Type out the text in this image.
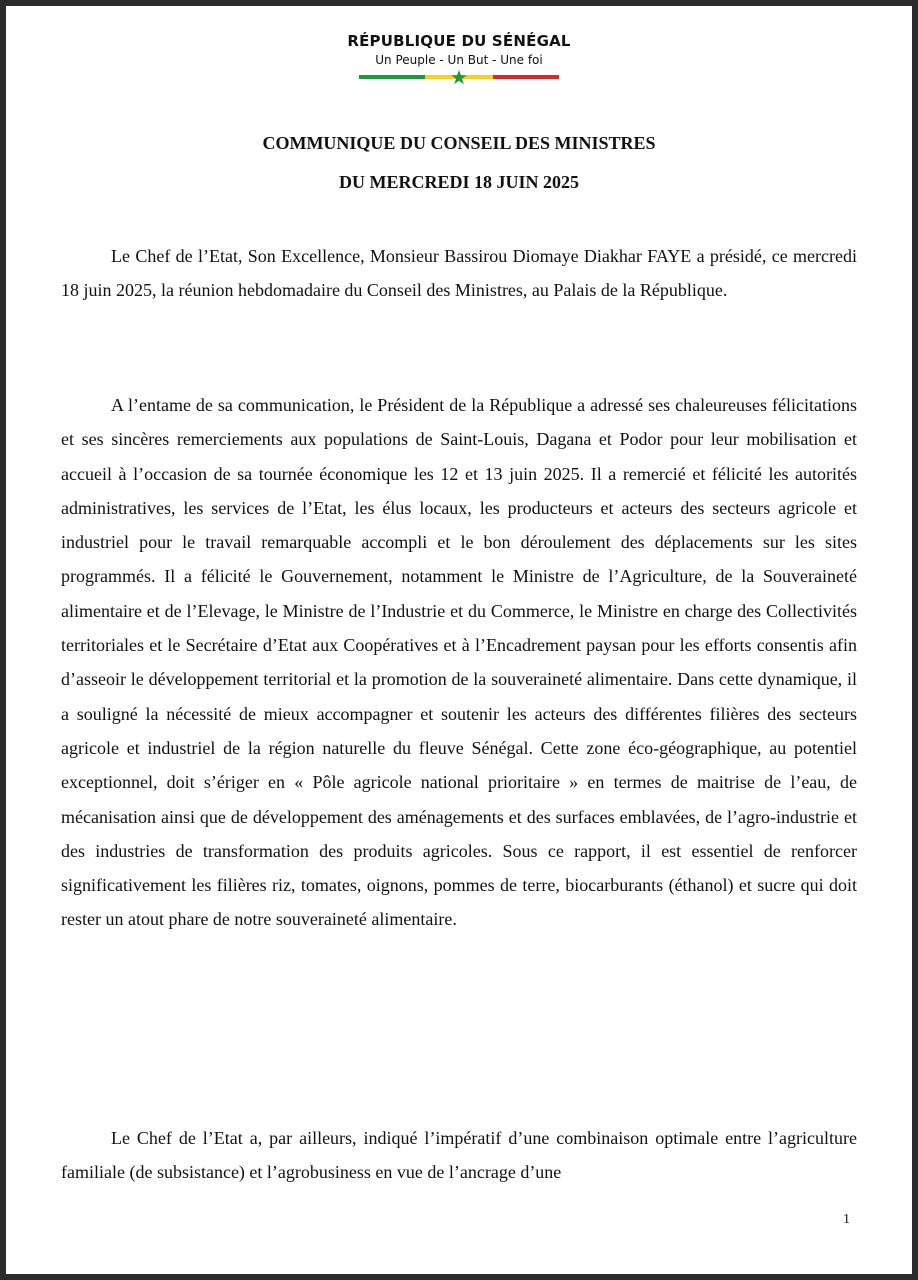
RÉPUBLIQUE DU SÉNÉGAL
Un Peuple - Un But - Une foi
COMMUNIQUE DU CONSEIL DES MINISTRES
DU MERCREDI 18 JUIN 2025

Le Chef de l’Etat, Son Excellence, Monsieur Bassirou Diomaye Diakhar FAYE a présidé, ce mercredi 18 juin 2025, la réunion hebdomadaire du Conseil des Ministres, au Palais de la République.

A l’entame de sa communication, le Président de la République a adressé ses chaleureuses félicitations et ses sincères remerciements aux populations de Saint-Louis, Dagana et Podor pour leur mobilisation et accueil à l’occasion de sa tournée économique les 12 et 13 juin 2025. Il a remercié et félicité les autorités administratives, les services de l’Etat, les élus locaux, les producteurs et acteurs des secteurs agricole et industriel pour le travail remarquable accompli et le bon déroulement des déplacements sur les sites programmés. Il a félicité le Gouvernement, notamment le Ministre de l’Agriculture, de la Souveraineté alimentaire et de l’Elevage, le Ministre de l’Industrie et du Commerce, le Ministre en charge des Collectivités territoriales et le Secrétaire d’Etat aux Coopératives et à l’Encadrement paysan pour les efforts consentis afin d’asseoir le développement territorial et la promotion de la souveraineté alimentaire. Dans cette dynamique, il a souligné la nécessité de mieux accompagner et soutenir les acteurs des différentes filières des secteurs agricole et industriel de la région naturelle du fleuve Sénégal. Cette zone éco-géographique, au potentiel exceptionnel, doit s’ériger en « Pôle agricole national prioritaire » en termes de maitrise de l’eau, de mécanisation ainsi que de développement des aménagements et des surfaces emblavées, de l’agro-industrie et des industries de transformation des produits agricoles. Sous ce rapport, il est essentiel de renforcer significativement les filières riz, tomates, oignons, pommes de terre, biocarburants (éthanol) et sucre qui doit rester un atout phare de notre souveraineté alimentaire.

Le Chef de l’Etat a, par ailleurs, indiqué l’impératif d’une combinaison optimale entre l’agriculture familiale (de subsistance) et l’agrobusiness en vue de l’ancrage d’une

1
